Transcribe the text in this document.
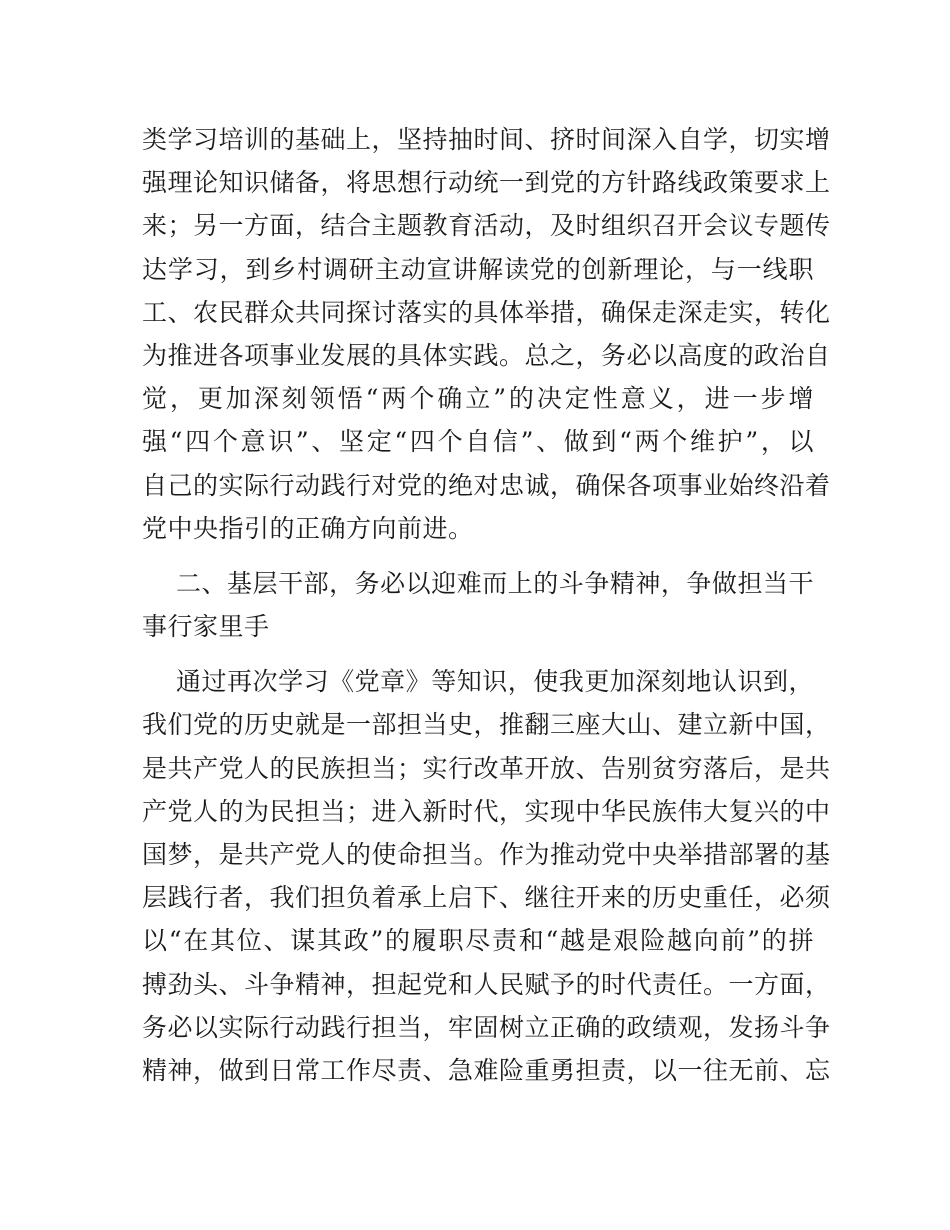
类学习培训的基础上，坚持抽时间、挤时间深入自学，切实增
强理论知识储备，将思想行动统一到党的方针路线政策要求上
来；另一方面，结合主题教育活动，及时组织召开会议专题传
达学习，到乡村调研主动宣讲解读党的创新理论，与一线职
工、农民群众共同探讨落实的具体举措，确保走深走实，转化
为推进各项事业发展的具体实践。总之，务必以高度的政治自
觉，更加深刻领悟“两个确立”的决定性意义，进一步增
强“四个意识”、坚定“四个自信”、做到“两个维护”，以
自己的实际行动践行对党的绝对忠诚，确保各项事业始终沿着
党中央指引的正确方向前进。
二、基层干部，务必以迎难而上的斗争精神，争做担当干
事行家里手
通过再次学习《党章》等知识，使我更加深刻地认识到，
我们党的历史就是一部担当史，推翻三座大山、建立新中国，
是共产党人的民族担当；实行改革开放、告别贫穷落后，是共
产党人的为民担当；进入新时代，实现中华民族伟大复兴的中
国梦，是共产党人的使命担当。作为推动党中央举措部署的基
层践行者，我们担负着承上启下、继往开来的历史重任，必须
以“在其位、谋其政”的履职尽责和“越是艰险越向前”的拼
搏劲头、斗争精神，担起党和人民赋予的时代责任。一方面，
务必以实际行动践行担当，牢固树立正确的政绩观，发扬斗争
精神，做到日常工作尽责、急难险重勇担责，以一往无前、忘
